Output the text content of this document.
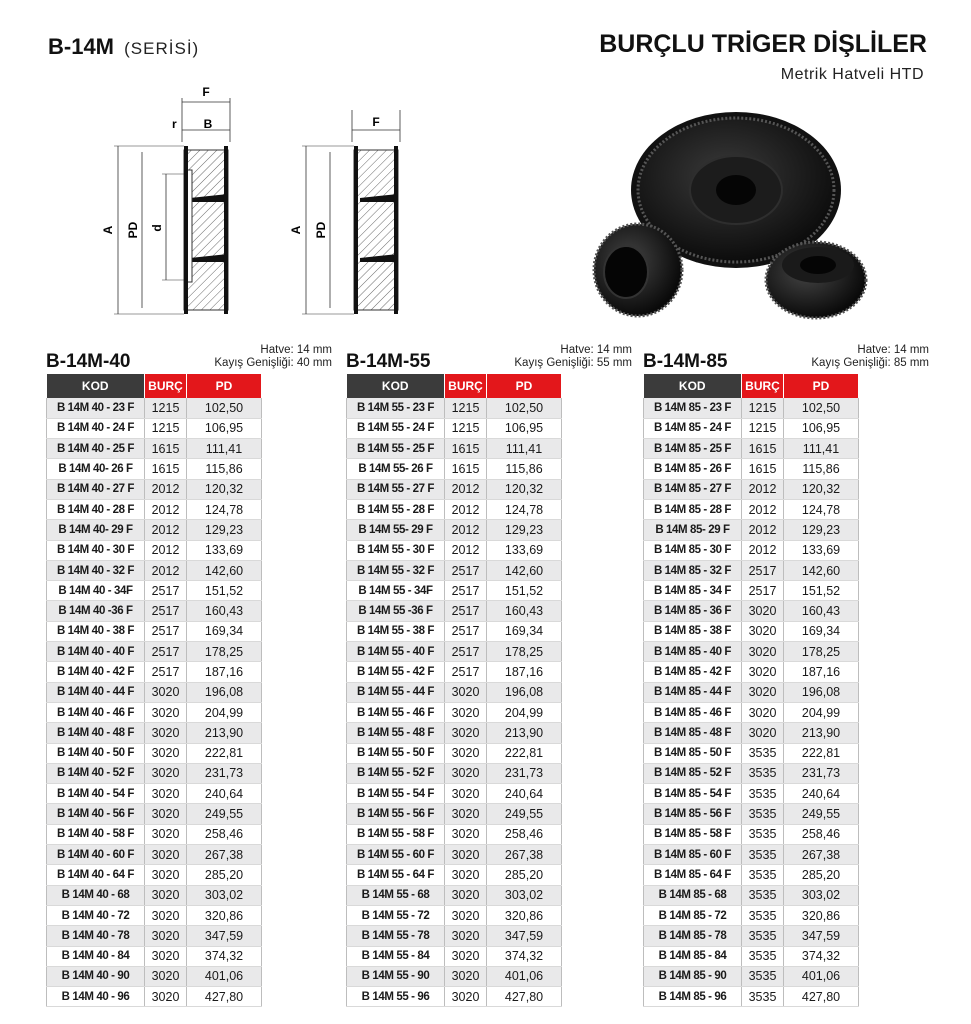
B-14M (SERİSİ)	BURÇLU TRİGER DİŞLİLER
Metrik Hatveli HTD
F
r B
A PD d
F
A PD
B-14M-40
Hatve: 14 mm
Kayış Genişliği: 40 mm
KOD	BURÇ	PD
B 14M 40 - 23 F	1215	102,50
B 14M 40 - 24 F	1215	106,95
B 14M 40 - 25 F	1615	111,41
B 14M 40- 26 F	1615	115,86
B 14M 40 - 27 F	2012	120,32
B 14M 40 - 28 F	2012	124,78
B 14M 40- 29 F	2012	129,23
B 14M 40 - 30 F	2012	133,69
B 14M 40 - 32 F	2012	142,60
B 14M 40 - 34F	2517	151,52
B 14M 40 -36 F	2517	160,43
B 14M 40 - 38 F	2517	169,34
B 14M 40 - 40 F	2517	178,25
B 14M 40 - 42 F	2517	187,16
B 14M 40 - 44 F	3020	196,08
B 14M 40 - 46 F	3020	204,99
B 14M 40 - 48 F	3020	213,90
B 14M 40 - 50 F	3020	222,81
B 14M 40 - 52 F	3020	231,73
B 14M 40 - 54 F	3020	240,64
B 14M 40 - 56 F	3020	249,55
B 14M 40 - 58 F	3020	258,46
B 14M 40 - 60 F	3020	267,38
B 14M 40 - 64 F	3020	285,20
B 14M 40 - 68	3020	303,02
B 14M 40 - 72	3020	320,86
B 14M 40 - 78	3020	347,59
B 14M 40 - 84	3020	374,32
B 14M 40 - 90	3020	401,06
B 14M 40 - 96	3020	427,80
B-14M-55
Hatve: 14 mm
Kayış Genişliği: 55 mm
KOD	BURÇ	PD
B 14M 55 - 23 F	1215	102,50
B 14M 55 - 24 F	1215	106,95
B 14M 55 - 25 F	1615	111,41
B 14M 55- 26 F	1615	115,86
B 14M 55 - 27 F	2012	120,32
B 14M 55 - 28 F	2012	124,78
B 14M 55- 29 F	2012	129,23
B 14M 55 - 30 F	2012	133,69
B 14M 55 - 32 F	2517	142,60
B 14M 55 - 34F	2517	151,52
B 14M 55 -36 F	2517	160,43
B 14M 55 - 38 F	2517	169,34
B 14M 55 - 40 F	2517	178,25
B 14M 55 - 42 F	2517	187,16
B 14M 55 - 44 F	3020	196,08
B 14M 55 - 46 F	3020	204,99
B 14M 55 - 48 F	3020	213,90
B 14M 55 - 50 F	3020	222,81
B 14M 55 - 52 F	3020	231,73
B 14M 55 - 54 F	3020	240,64
B 14M 55 - 56 F	3020	249,55
B 14M 55 - 58 F	3020	258,46
B 14M 55 - 60 F	3020	267,38
B 14M 55 - 64 F	3020	285,20
B 14M 55 - 68	3020	303,02
B 14M 55 - 72	3020	320,86
B 14M 55 - 78	3020	347,59
B 14M 55 - 84	3020	374,32
B 14M 55 - 90	3020	401,06
B 14M 55 - 96	3020	427,80
B-14M-85
Hatve: 14 mm
Kayış Genişliği: 85 mm
KOD	BURÇ	PD
B 14M 85 - 23 F	1215	102,50
B 14M 85 - 24 F	1215	106,95
B 14M 85 - 25 F	1615	111,41
B 14M 85 - 26 F	1615	115,86
B 14M 85 - 27 F	2012	120,32
B 14M 85 - 28 F	2012	124,78
B 14M 85- 29 F	2012	129,23
B 14M 85 - 30 F	2012	133,69
B 14M 85 - 32 F	2517	142,60
B 14M 85 - 34 F	2517	151,52
B 14M 85 - 36 F	3020	160,43
B 14M 85 - 38 F	3020	169,34
B 14M 85 - 40 F	3020	178,25
B 14M 85 - 42 F	3020	187,16
B 14M 85 - 44 F	3020	196,08
B 14M 85 - 46 F	3020	204,99
B 14M 85 - 48 F	3020	213,90
B 14M 85 - 50 F	3535	222,81
B 14M 85 - 52 F	3535	231,73
B 14M 85 - 54 F	3535	240,64
B 14M 85 - 56 F	3535	249,55
B 14M 85 - 58 F	3535	258,46
B 14M 85 - 60 F	3535	267,38
B 14M 85 - 64 F	3535	285,20
B 14M 85 - 68	3535	303,02
B 14M 85 - 72	3535	320,86
B 14M 85 - 78	3535	347,59
B 14M 85 - 84	3535	374,32
B 14M 85 - 90	3535	401,06
B 14M 85 - 96	3535	427,80
